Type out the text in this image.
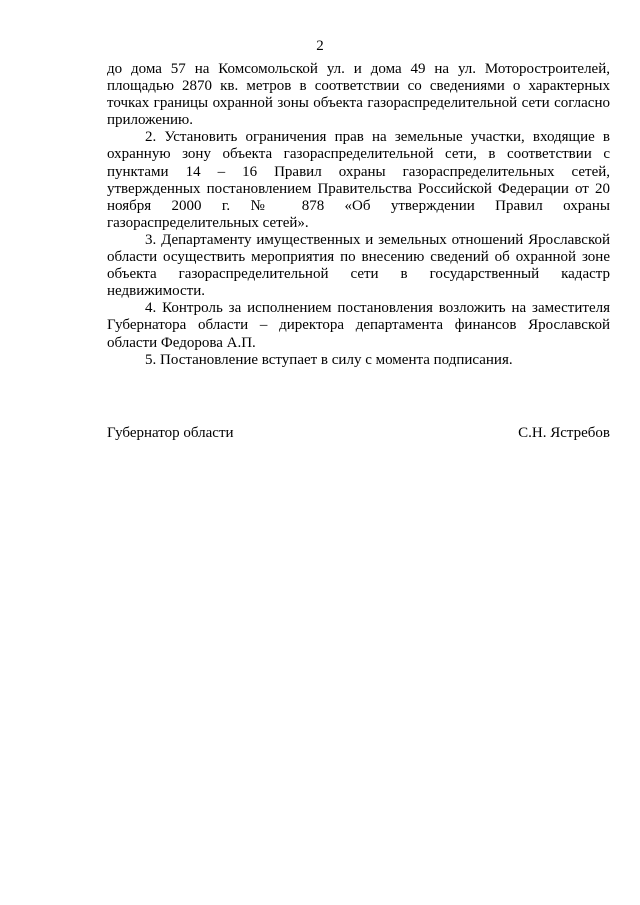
2

до дома 57 на Комсомольской ул. и дома 49 на ул. Моторостроителей, площадью 2870 кв. метров в соответствии со сведениями о характерных точках границы охранной зоны объекта газораспределительной сети согласно приложению.

2. Установить ограничения прав на земельные участки, входящие в охранную зону объекта газораспределительной сети, в соответствии с пунктами 14 – 16 Правил охраны газораспределительных сетей, утвержденных постановлением Правительства Российской Федерации от 20 ноября 2000 г. № 878 «Об утверждении Правил охраны газораспределительных сетей».

3. Департаменту имущественных и земельных отношений Ярославской области осуществить мероприятия по внесению сведений об охранной зоне объекта газораспределительной сети в государственный кадастр недвижимости.

4. Контроль за исполнением постановления возложить на заместителя Губернатора области – директора департамента финансов Ярославской области Федорова А.П.

5. Постановление вступает в силу с момента подписания.

Губернатор области	С.Н. Ястребов
